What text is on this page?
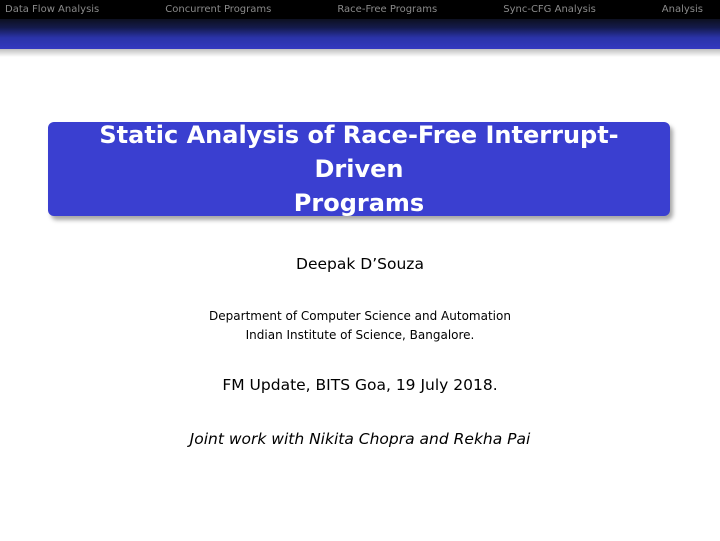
Data Flow Analysis	Concurrent Programs	Race-Free Programs	Sync-CFG Analysis	Analysis
Static Analysis of Race-Free Interrupt-Driven
Programs
Deepak D’Souza
Department of Computer Science and Automation
Indian Institute of Science, Bangalore.
FM Update, BITS Goa, 19 July 2018.
Joint work with Nikita Chopra and Rekha Pai
